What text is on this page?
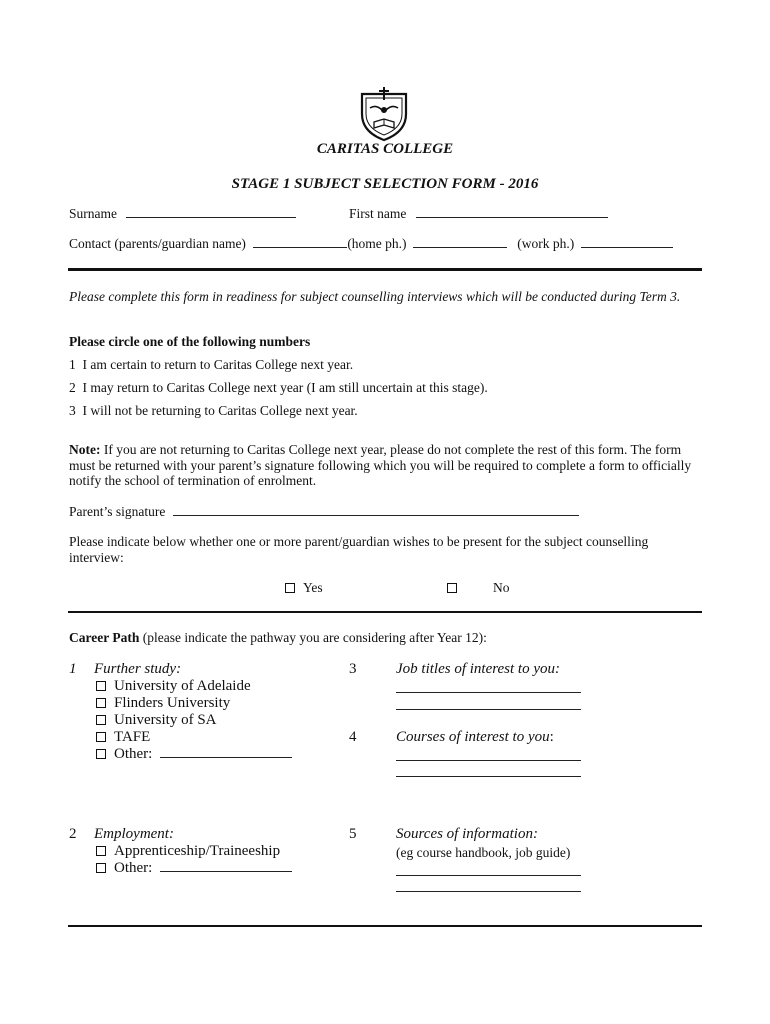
CARITAS COLLEGE
STAGE 1 SUBJECT SELECTION FORM - 2016
Surname	First name
Contact (parents/guardian name)	(home ph.)	(work ph.)
Please complete this form in readiness for subject counselling interviews which will be conducted during Term 3.
Please circle one of the following numbers
1 I am certain to return to Caritas College next year.
2 I may return to Caritas College next year (I am still uncertain at this stage).
3 I will not be returning to Caritas College next year.
Note: If you are not returning to Caritas College next year, please do not complete the rest of this form. The form must be returned with your parent’s signature following which you will be required to complete a form to officially notify the school of termination of enrolment.
Parent’s signature
Please indicate below whether one or more parent/guardian wishes to be present for the subject counselling interview:
Yes	No
Career Path (please indicate the pathway you are considering after Year 12):
1 Further study:
University of Adelaide
Flinders University
University of SA
TAFE
Other:
3	Job titles of interest to you:
4	Courses of interest to you:
2 Employment:
Apprenticeship/Traineeship
Other:
5	Sources of information:
(eg course handbook, job guide)
